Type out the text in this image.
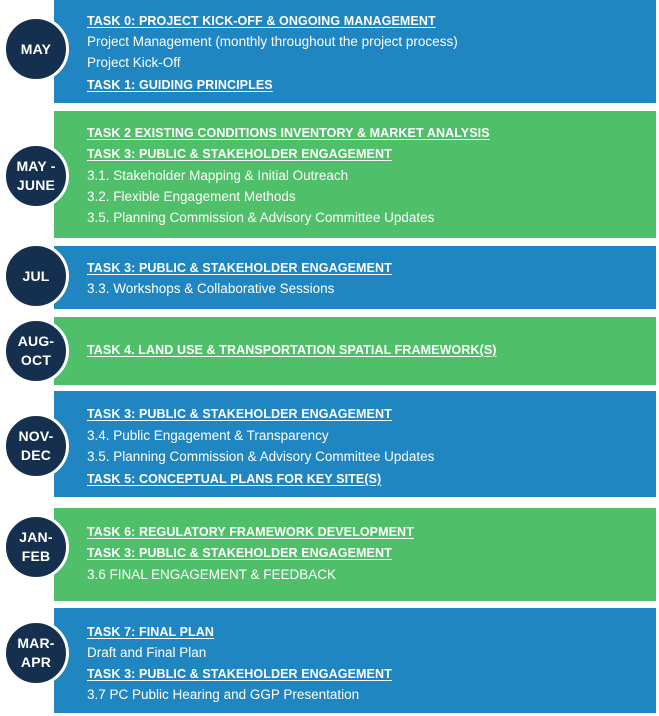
TASK 0: PROJECT KICK-OFF & ONGOING MANAGEMENT
Project Management (monthly throughout the project process)
Project Kick-Off
TASK 1: GUIDING PRINCIPLES
MAY
TASK 2 EXISTING CONDITIONS INVENTORY & MARKET ANALYSIS
TASK 3: PUBLIC & STAKEHOLDER ENGAGEMENT
3.1. Stakeholder Mapping & Initial Outreach
3.2. Flexible Engagement Methods
3.5. Planning Commission & Advisory Committee Updates
MAY - JUNE
TASK 3: PUBLIC & STAKEHOLDER ENGAGEMENT
3.3. Workshops & Collaborative Sessions
JUL
TASK 4. LAND USE & TRANSPORTATION SPATIAL FRAMEWORK(S)
AUG-OCT
TASK 3: PUBLIC & STAKEHOLDER ENGAGEMENT
3.4. Public Engagement & Transparency
3.5. Planning Commission & Advisory Committee Updates
TASK 5: CONCEPTUAL PLANS FOR KEY SITE(S)
NOV-DEC
TASK 6: REGULATORY FRAMEWORK DEVELOPMENT
TASK 3: PUBLIC & STAKEHOLDER ENGAGEMENT
3.6 FINAL ENGAGEMENT & FEEDBACK
JAN-FEB
TASK 7: FINAL PLAN
Draft and Final Plan
TASK 3: PUBLIC & STAKEHOLDER ENGAGEMENT
3.7 PC Public Hearing and GGP Presentation
MAR-APR
